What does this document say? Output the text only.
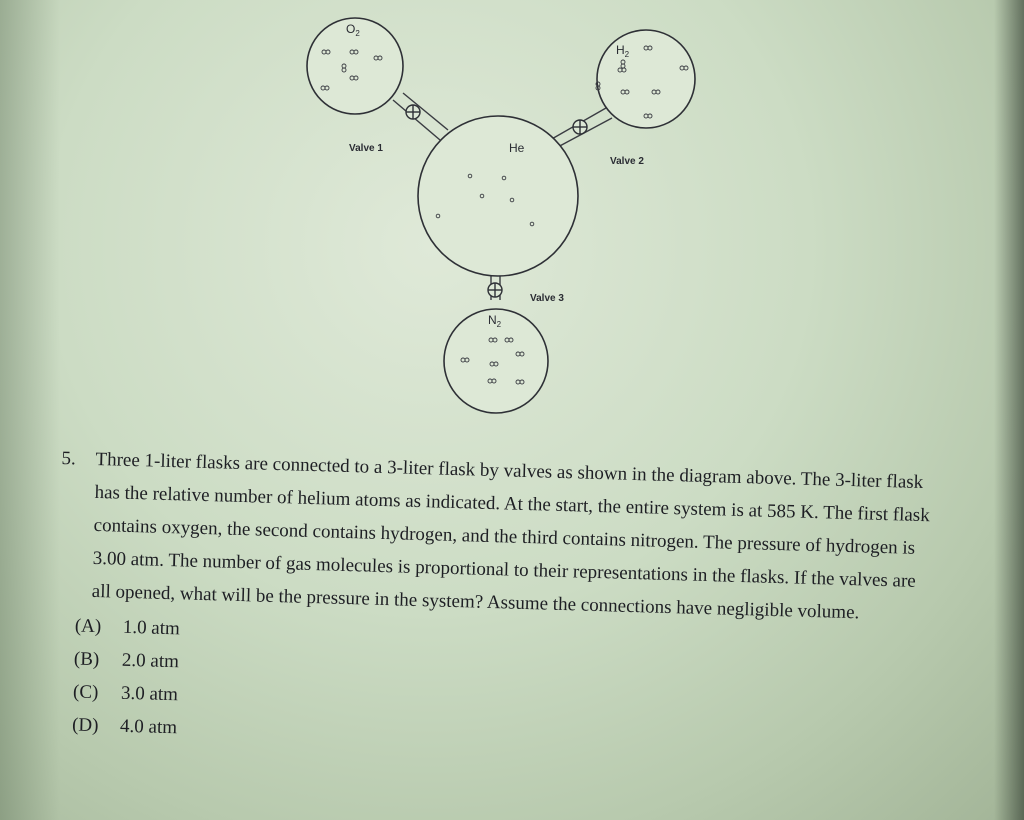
$O_2$
$H_2$
He
$N_2$
Valve 1
Valve 2
Valve 3
5.	Three 1-liter flasks are connected to a 3-liter flask by valves as shown in the diagram above. The 3-liter flask has the relative number of helium atoms as indicated. At the start, the entire system is at 585 K. The first flask contains oxygen, the second contains hydrogen, and the third contains nitrogen. The pressure of hydrogen is 3.00 atm. The number of gas molecules is proportional to their representations in the flasks. If the valves are all opened, what will be the pressure in the system? Assume the connections have negligible volume.
(A)	1.0 atm
(B)	2.0 atm
(C)	3.0 atm
(D)	4.0 atm
